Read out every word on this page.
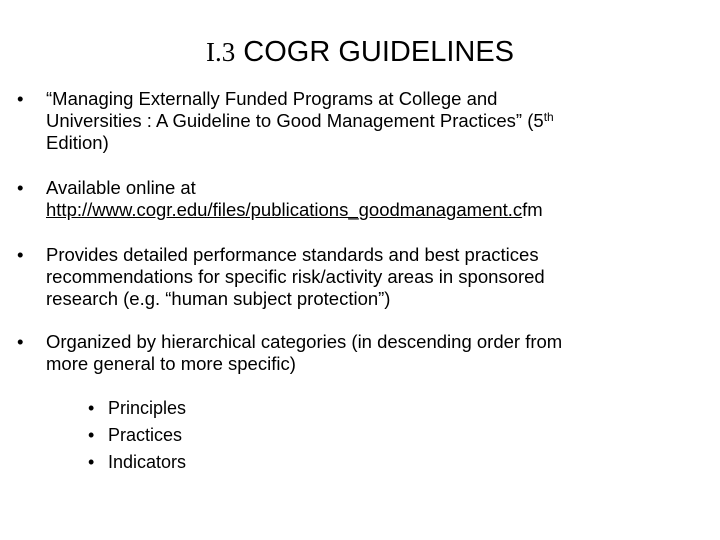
I.3 COGR GUIDELINES
• “Managing Externally Funded Programs at College and
Universities : A Guideline to Good Management Practices” (5th
Edition)
• Available online at
http://www.cogr.edu/files/publications_goodmanagament.cfm
• Provides detailed performance standards and best practices
recommendations for specific risk/activity areas in sponsored
research (e.g. “human subject protection”)
• Organized by hierarchical categories (in descending order from
more general to more specific)
• Principles
• Practices
• Indicators
